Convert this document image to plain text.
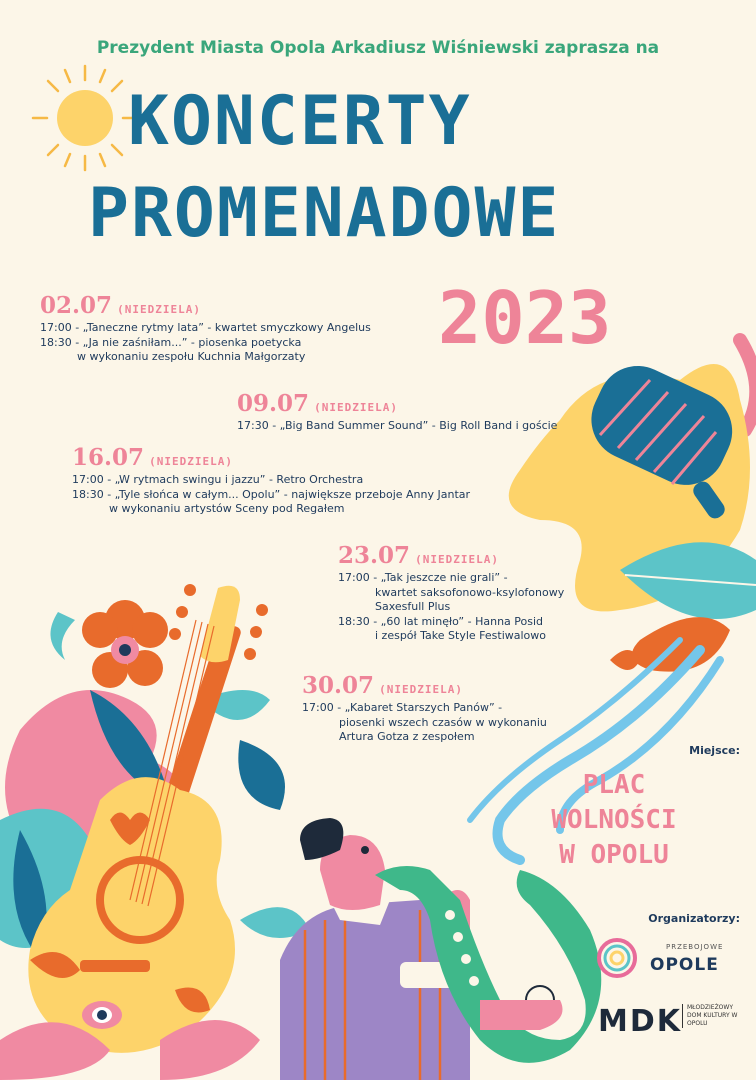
Prezydent Miasta Opola Arkadiusz Wiśniewski zaprasza na
KONCERTY
PROMENADOWE
2023
02.07 (NIEDZIELA)
17:00 - „Taneczne rytmy lata” - kwartet smyczkowy Angelus
18:30 - „Ja nie zaśniłam...” - piosenka poetycka
w wykonaniu zespołu Kuchnia Małgorzaty
09.07 (NIEDZIELA)
17:30 - „Big Band Summer Sound” - Big Roll Band i goście
16.07 (NIEDZIELA)
17:00 - „W rytmach swingu i jazzu” - Retro Orchestra
18:30 - „Tyle słońca w całym... Opolu” - największe przeboje Anny Jantar
w wykonaniu artystów Sceny pod Regałem
23.07 (NIEDZIELA)
17:00 - „Tak jeszcze nie grali” -
kwartet saksofonowo-ksylofonowy
Saxesfull Plus
18:30 - „60 lat minęło” - Hanna Posid
i zespół Take Style Festiwalowo
30.07 (NIEDZIELA)
17:00 - „Kabaret Starszych Panów” -
piosenki wszech czasów w wykonaniu
Artura Gotza z zespołem
Miejsce:
PLAC
WOLNOŚCI
W OPOLU
Organizatorzy:
PRZEBOJOWE
OPOLE
MDK MŁODZIEŻOWY DOM KULTURY W OPOLU
